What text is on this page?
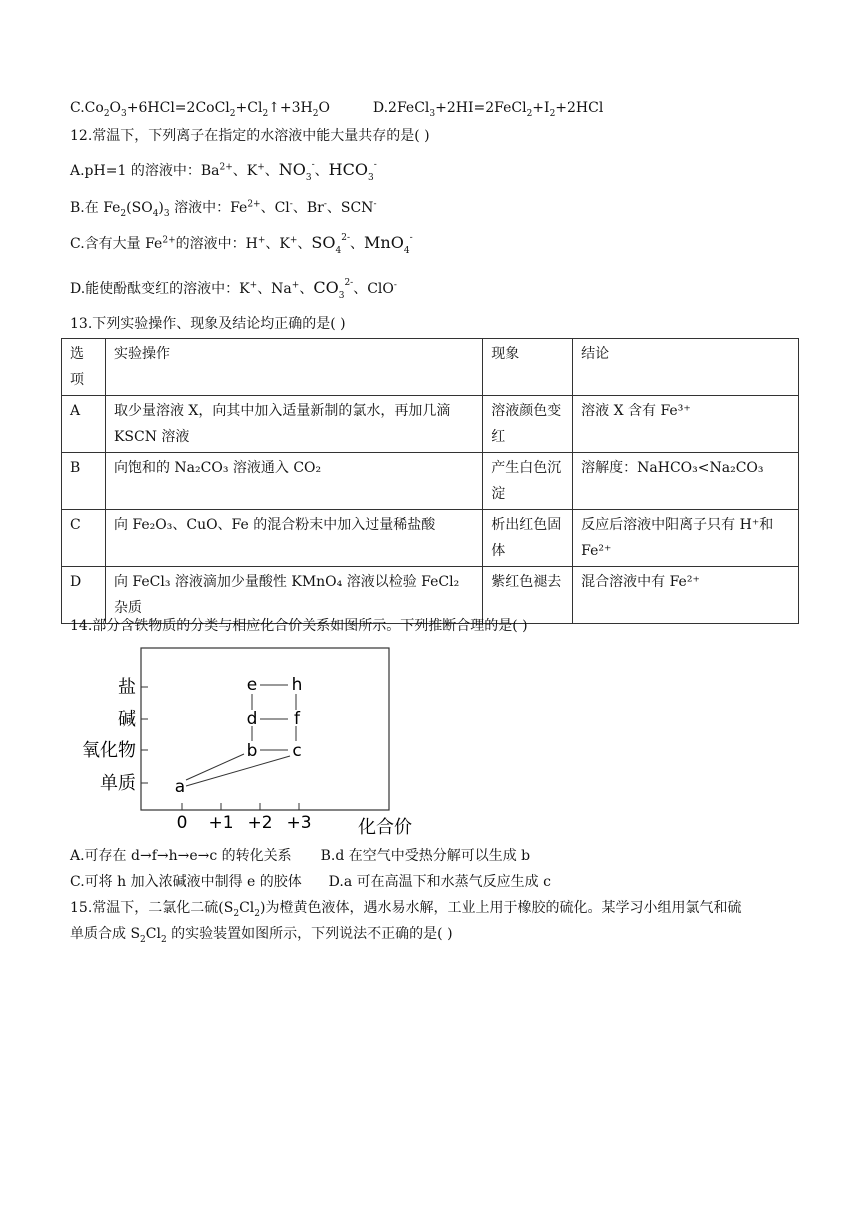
$C.Co_2O_3+6HCl=2CoCl_2+Cl_2↑+3H_2O$	$D.2FeCl_3+2HI=2FeCl_2+I_2+2HCl$
12.常温下，下列离子在指定的水溶液中能大量共存的是( )
A.pH=1 的溶液中：$Ba^{2+}$、K+、$NO_3^-$、$HCO_3^-$
B.在 $Fe_2(SO_4)_3$ 溶液中：$Fe^{2+}$、Cl-、Br-、SCN-
C.含有大量 $Fe^{2+}$的溶液中：H+、K+、$SO_4^{2-}$、MnO$_4$-
D.能使酚酞变红的溶液中：K+、Na+、$CO_3^{2-}$、ClO-
13.下列实验操作、现象及结论均正确的是( )
选
项	实验操作	现象	结论
A	取少量溶液 X，向其中加入适量新制的氯水，再加几滴 KSCN 溶液	溶液颜色变红	溶液 X 含有 Fe³⁺
B	向饱和的 Na₂CO₃ 溶液通入 CO₂	产生白色沉淀	溶解度：NaHCO₃<Na₂CO₃
C	向 Fe₂O₃、CuO、Fe 的混合粉末中加入过量稀盐酸	析出红色固体	反应后溶液中阳离子只有 H⁺和 Fe²⁺
D	向 FeCl₃ 溶液滴加少量酸性 KMnO₄ 溶液以检验 FeCl₂ 杂质	紫红色褪去	混合溶液中有 Fe²⁺
14.部分含铁物质的分类与相应化合价关系如图所示。下列推断合理的是( )
盐
碱
氧化物
单质
0 +1 +2 +3	化合价
e h
d f
b c
a
A.可存在 d→f→h→e→c 的转化关系 B.d 在空气中受热分解可以生成 b
C.可将 h 加入浓碱液中制得 e 的胶体 D.a 可在高温下和水蒸气反应生成 c
15.常温下，二氯化二硫$(S_2Cl_2)$为橙黄色液体，遇水易水解，工业上用于橡胶的硫化。某学习小组用氯气和硫
单质合成 $S_2Cl_2$ 的实验装置如图所示，下列说法不正确的是( )
